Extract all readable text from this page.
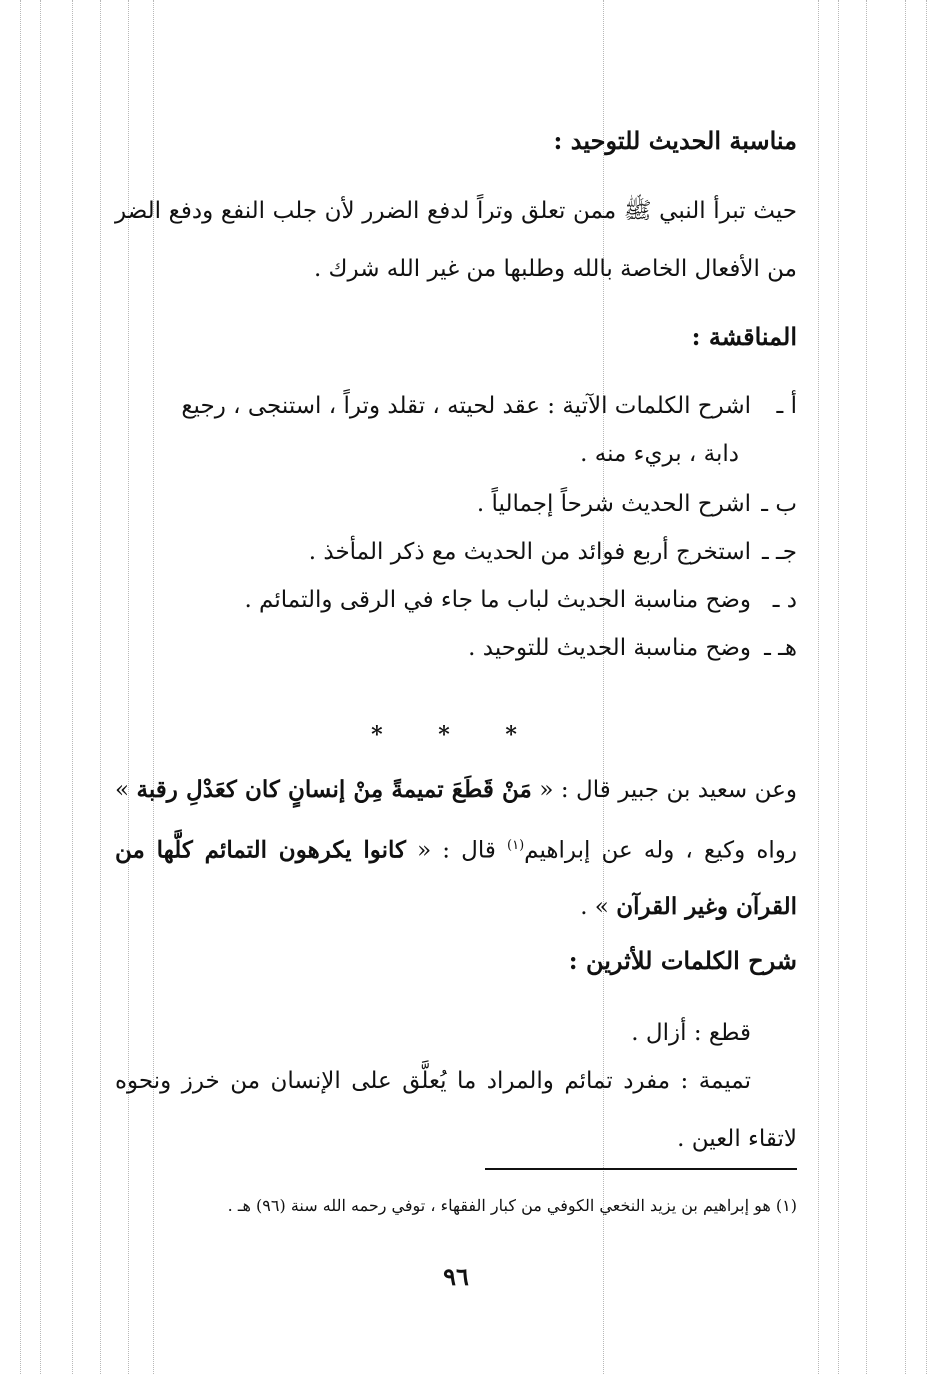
مناسبة الحديث للتوحيد :
حيث تبرأ النبي ﷺ ممن تعلق وتراً لدفع الضرر لأن جلب النفع ودفع الضر من الأفعال الخاصة بالله وطلبها من غير الله شرك .
المناقشة :
أ ـاشرح الكلمات الآتية : عقد لحيته ، تقلد وتراً ، استنجى ، رجيع
دابة ، بريء منه .
ب ـاشرح الحديث شرحاً إجمالياً .
جـ ـاستخرج أربع فوائد من الحديث مع ذكر المأخذ .
د ـوضح مناسبة الحديث لباب ما جاء في الرقى والتمائم .
هـ ـوضح مناسبة الحديث للتوحيد .
* * *
وعن سعيد بن جبير قال : « مَنْ قَطَعَ تميمةً مِنْ إنسانٍ كان كعَدْلِ رقبة » رواه وكيع ، وله عن إبراهيم$^{(١)}$ قال : « كانوا يكرهون التمائم كلَّها من القرآن وغير القرآن » .
شرح الكلمات للأثرين :
قطع : أزال .
تميمة : مفرد تمائم والمراد ما يُعلَّق على الإنسان من خرز ونحوه لاتقاء العين .
(١) هو إبراهيم بن يزيد النخعي الكوفي من كبار الفقهاء ، توفي رحمه الله سنة (٩٦) هـ .
٩٦
